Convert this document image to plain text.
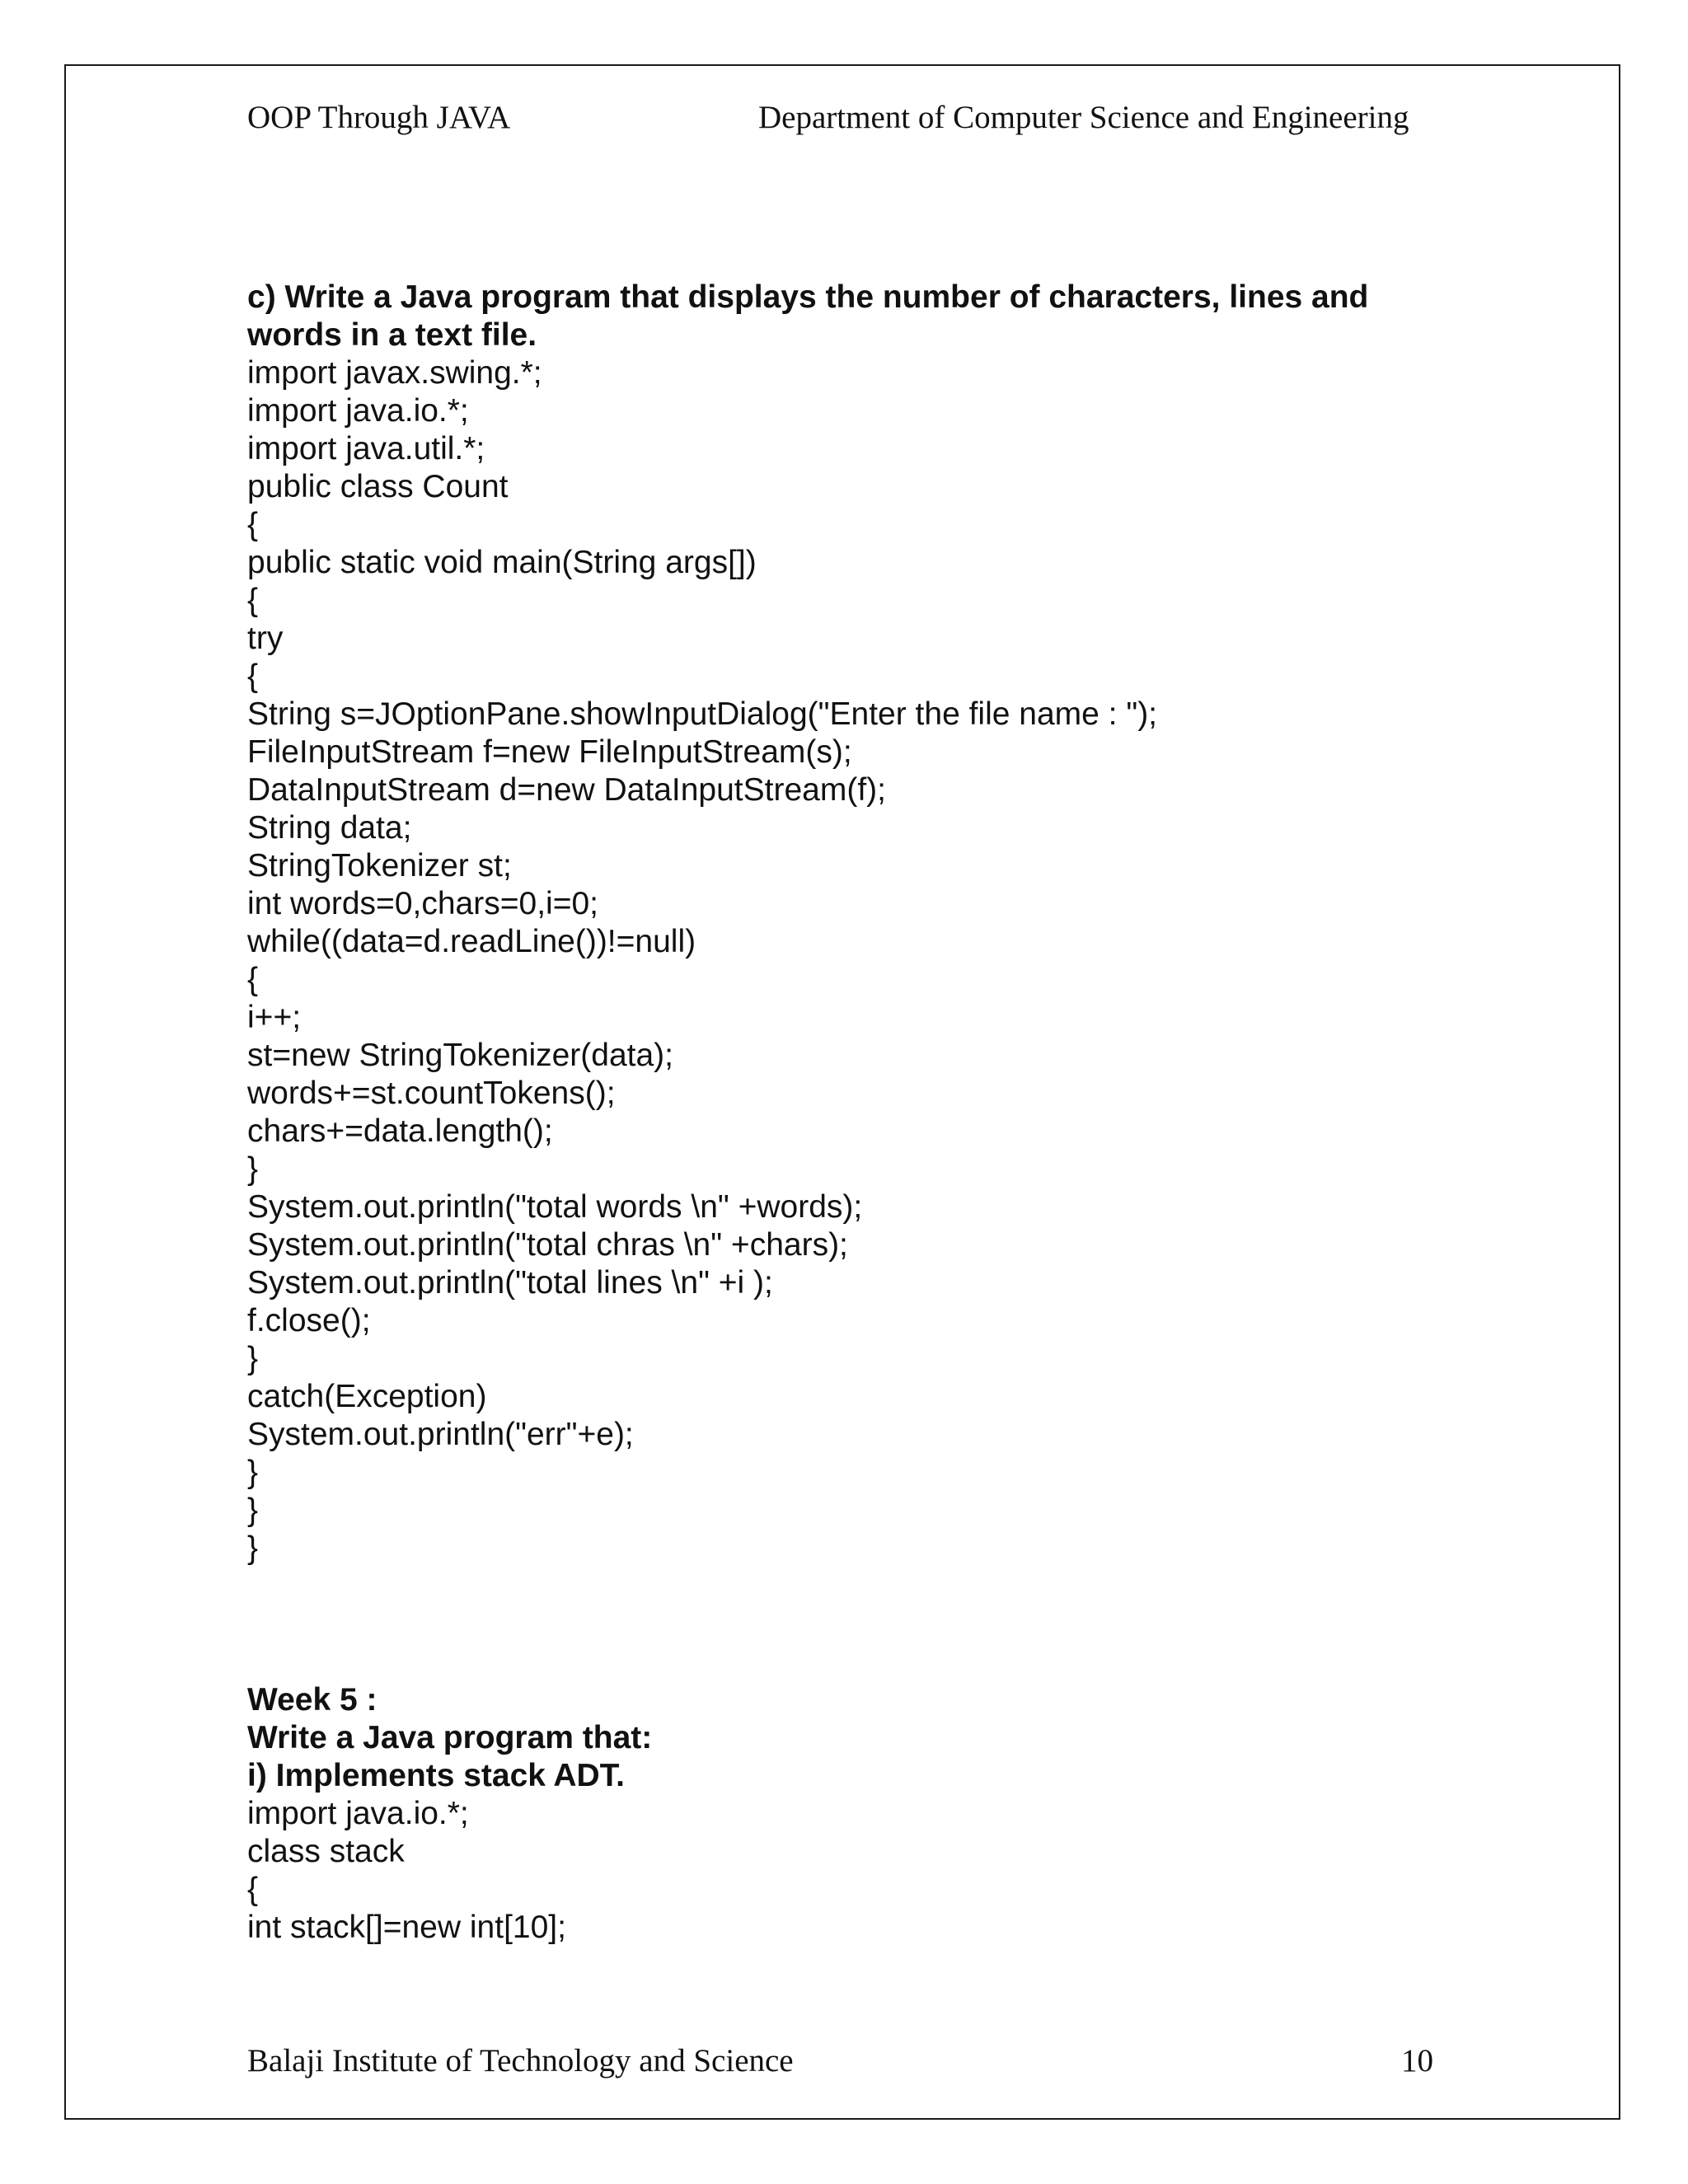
OOP Through JAVA	Department of Computer Science and Engineering
c) Write a Java program that displays the number of characters, lines and
words in a text file.
import javax.swing.*;
import java.io.*;
import java.util.*;
public class Count
{
public static void main(String args[])
{
try
{
String s=JOptionPane.showInputDialog("Enter the file name : ");
FileInputStream f=new FileInputStream(s);
DataInputStream d=new DataInputStream(f);
String data;
StringTokenizer st;
int words=0,chars=0,i=0;
while((data=d.readLine())!=null)
{
i++;
st=new StringTokenizer(data);
words+=st.countTokens();
chars+=data.length();
}
System.out.println("total words \n" +words);
System.out.println("total chras \n" +chars);
System.out.println("total lines \n" +i );
f.close();
}
catch(Exception)
System.out.println("err"+e);
}
}
}
Week 5 :
Write a Java program that:
i) Implements stack ADT.
import java.io.*;
class stack
{
int stack[]=new int[10];
Balaji Institute of Technology and Science	10
